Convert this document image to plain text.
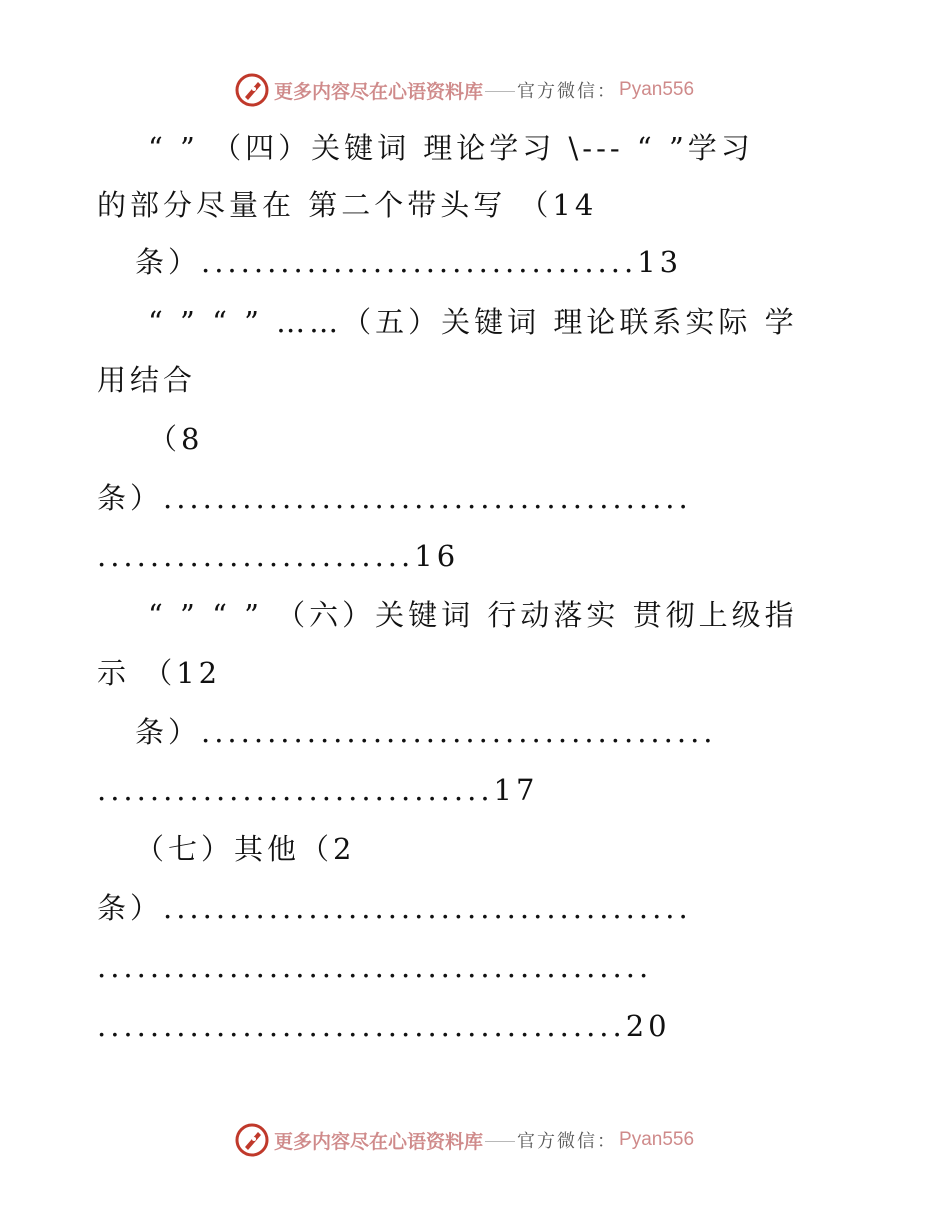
更多内容尽在心语资料库 官方微信： Pyan556
“ ” （四）关键词 理论学习 \--- “ ”学习
的部分尽量在 第二个带头写 （14
条）.................................13
“ ” “ ” ……（五）关键词 理论联系实际 学
用结合
（8
条）........................................
........................16
“ ” “ ” （六）关键词 行动落实 贯彻上级指
示 （12
条）.......................................
..............................17
（七）其他（2
条）........................................
..........................................
........................................20
更多内容尽在心语资料库 官方微信： Pyan556
